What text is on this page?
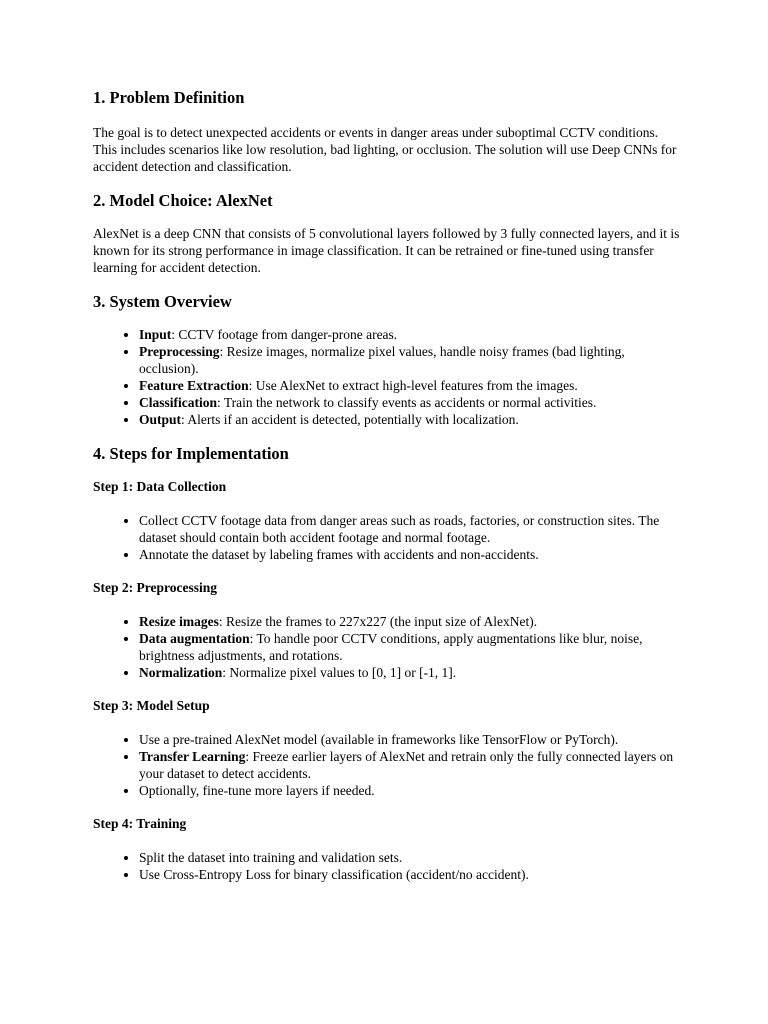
1. Problem Definition

The goal is to detect unexpected accidents or events in danger areas under suboptimal CCTV conditions. This includes scenarios like low resolution, bad lighting, or occlusion. The solution will use Deep CNNs for accident detection and classification.

2. Model Choice: AlexNet

AlexNet is a deep CNN that consists of 5 convolutional layers followed by 3 fully connected layers, and it is known for its strong performance in image classification. It can be retrained or fine-tuned using transfer learning for accident detection.

3. System Overview
• Input: CCTV footage from danger-prone areas.
• Preprocessing: Resize images, normalize pixel values, handle noisy frames (bad lighting, occlusion).
• Feature Extraction: Use AlexNet to extract high-level features from the images.
• Classification: Train the network to classify events as accidents or normal activities.
• Output: Alerts if an accident is detected, potentially with localization.
4. Steps for Implementation
Step 1: Data Collection
• Collect CCTV footage data from danger areas such as roads, factories, or construction sites. The dataset should contain both accident footage and normal footage.
• Annotate the dataset by labeling frames with accidents and non-accidents.
Step 2: Preprocessing
• Resize images: Resize the frames to 227x227 (the input size of AlexNet).
• Data augmentation: To handle poor CCTV conditions, apply augmentations like blur, noise, brightness adjustments, and rotations.
• Normalization: Normalize pixel values to [0, 1] or [-1, 1].
Step 3: Model Setup
• Use a pre-trained AlexNet model (available in frameworks like TensorFlow or PyTorch).
• Transfer Learning: Freeze earlier layers of AlexNet and retrain only the fully connected layers on your dataset to detect accidents.
• Optionally, fine-tune more layers if needed.
Step 4: Training
• Split the dataset into training and validation sets.
• Use Cross-Entropy Loss for binary classification (accident/no accident).
